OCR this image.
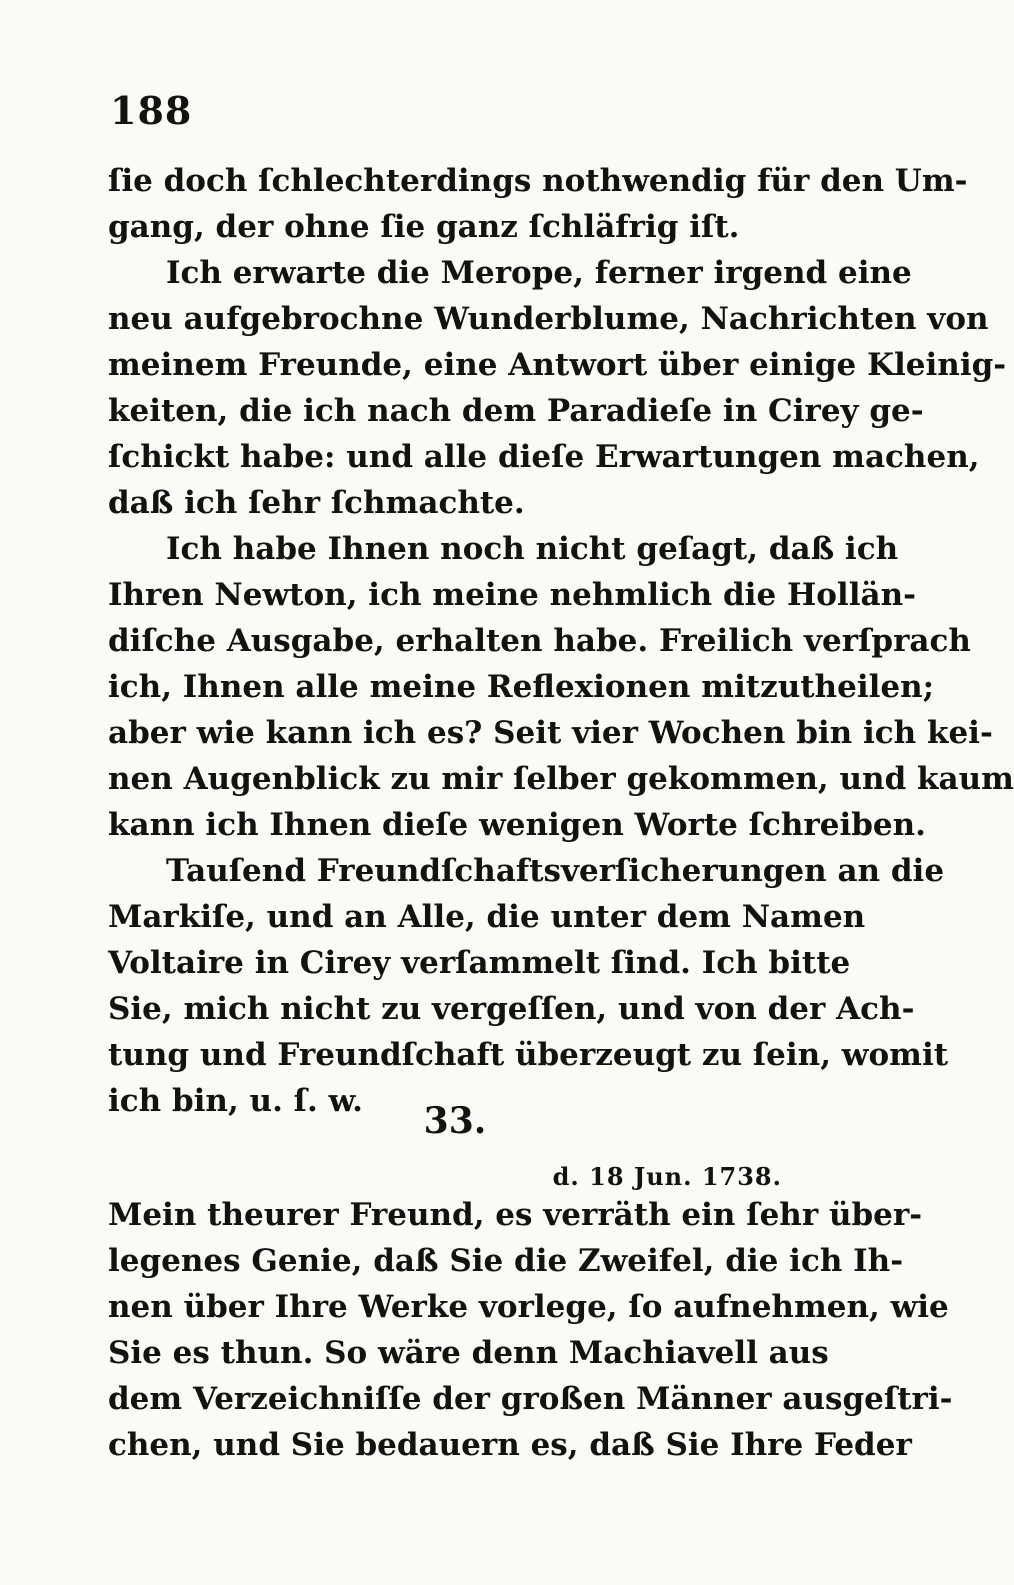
188
ſie doch ſchlechterdings nothwendig für den Um-
gang, der ohne ſie ganz ſchläfrig iſt.
Ich erwarte die Merope, ferner irgend eine
neu aufgebrochne Wunderblume, Nachrichten von
meinem Freunde, eine Antwort über einige Kleinig-
keiten, die ich nach dem Paradieſe in Cirey ge-
ſchickt habe: und alle dieſe Erwartungen machen,
daß ich ſehr ſchmachte.
Ich habe Ihnen noch nicht geſagt, daß ich
Ihren Newton, ich meine nehmlich die Hollän-
diſche Ausgabe, erhalten habe. Freilich verſprach
ich, Ihnen alle meine Reflexionen mitzutheilen;
aber wie kann ich es? Seit vier Wochen bin ich kei-
nen Augenblick zu mir ſelber gekommen, und kaum
kann ich Ihnen dieſe wenigen Worte ſchreiben.
Tauſend Freundſchaftsverſicherungen an die
Markiſe, und an Alle, die unter dem Namen
Voltaire in Cirey verſammelt ſind. Ich bitte
Sie, mich nicht zu vergeſſen, und von der Ach-
tung und Freundſchaft überzeugt zu ſein, womit
ich bin, u. ſ. w.	33.
d. 18 Jun. 1738.
Mein theurer Freund, es verräth ein ſehr über-
legenes Genie, daß Sie die Zweifel, die ich Ih-
nen über Ihre Werke vorlege, ſo aufnehmen, wie
Sie es thun. So wäre denn Machiavell aus
dem Verzeichniſſe der großen Männer ausgeſtri-
chen, und Sie bedauern es, daß Sie Ihre Feder
